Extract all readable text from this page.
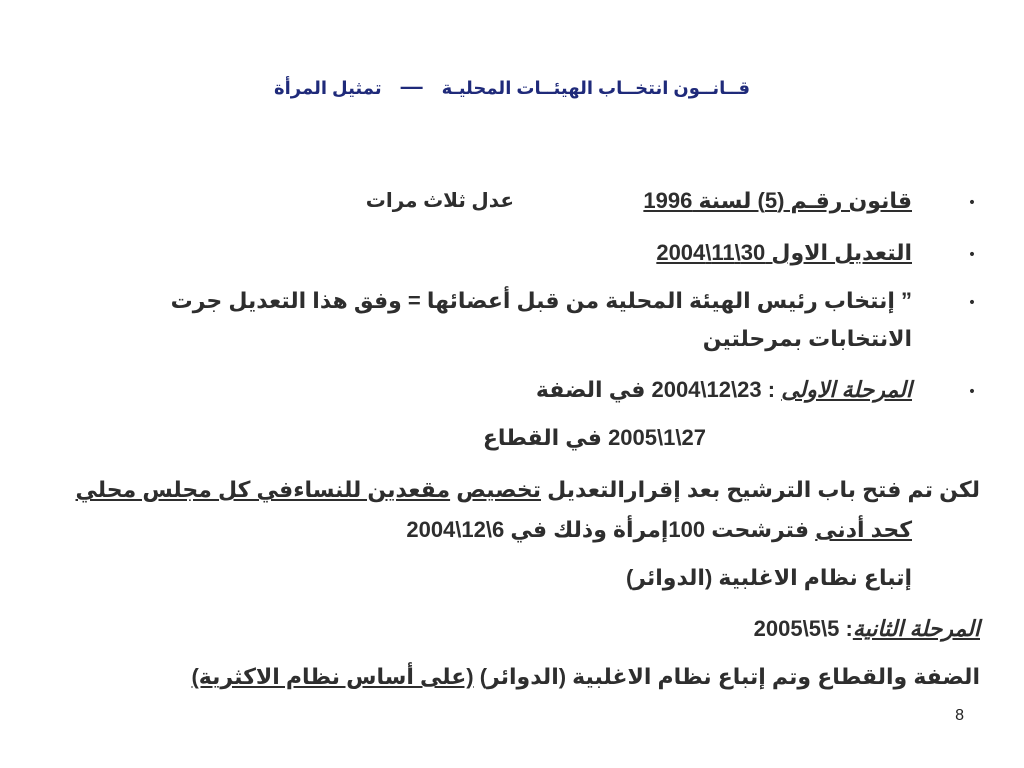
قــانــون انتخــاب الهيئــات المحليـة — تمثيل المرأة
•
قانون رقـم (5) لسنة 1996
عدل ثلاث مرات
•
التعديل الاول 30\11\2004
•
” إنتخاب رئيس الهيئة المحلية من قبل أعضائها = وفق هذا التعديل جرت
الانتخابات بمرحلتين
•
المرحلة الاولى : 23\12\2004 في الضفة
27\1\2005 في القطاع
لكن تم فتح باب الترشيح بعد إقرارالتعديل تخصيص مقعدين للنساءفي كل مجلس محلي
كحد أدنى فترشحت 100إمرأة وذلك في 6\12\2004
إتباع نظام الاغلبية (الدوائر)
المرحلة الثانية: 5\5\2005
الضفة والقطاع وتم إتباع نظام الاغلبية (الدوائر) (على أساس نظام الاكثرية)
8
